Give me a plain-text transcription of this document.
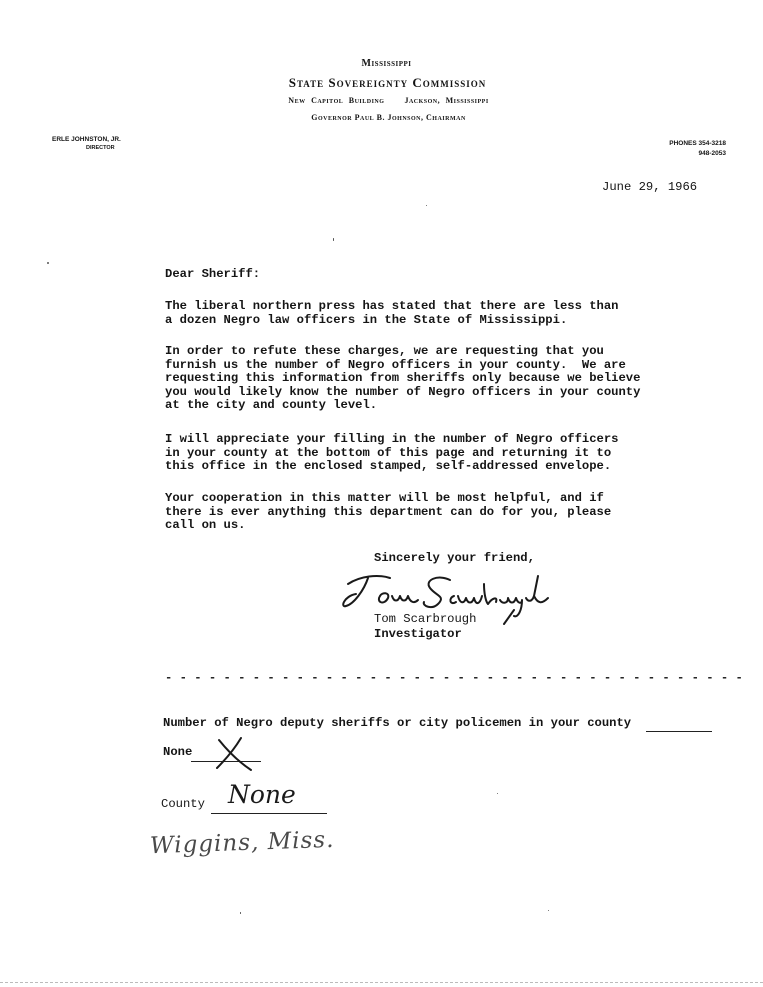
Mississippi
State Sovereignty Commission
New Capitol Building	Jackson, Mississippi
Governor Paul B. Johnson, Chairman
ERLE JOHNSTON, JR.
DIRECTOR
PHONES 354-3218
948-2053
June 29, 1966
Dear Sheriff:
The liberal northern press has stated that there are less than
a dozen Negro law officers in the State of Mississippi.
In order to refute these charges, we are requesting that you
furnish us the number of Negro officers in your county.  We are
requesting this information from sheriffs only because we believe
you would likely know the number of Negro officers in your county
at the city and county level.
I will appreciate your filling in the number of Negro officers
in your county at the bottom of this page and returning it to
this office in the enclosed stamped, self-addressed envelope.
Your cooperation in this matter will be most helpful, and if
there is ever anything this department can do for you, please
call on us.
Sincerely your friend,
Tom Scarbrough
Investigator
- - - - - - - - - - - - - - - - - - - - - - - - - - - - - - - - - - - - - - - -
Number of Negro deputy sheriffs or city policemen in your county
None
County None
Wiggins, Miss.
